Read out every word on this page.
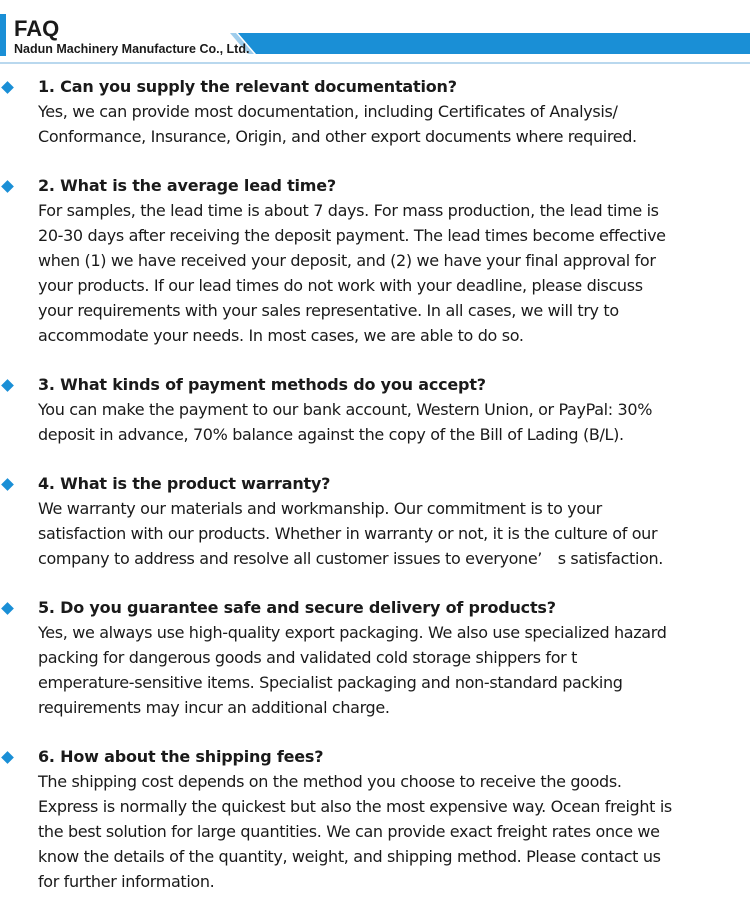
FAQ
Nadun Machinery Manufacture Co., Ltd.
1. Can you supply the relevant documentation?
Yes, we can provide most documentation, including Certificates of Analysis/
Conformance, Insurance, Origin, and other export documents where required.
2. What is the average lead time?
For samples, the lead time is about 7 days. For mass production, the lead time is
20-30 days after receiving the deposit payment. The lead times become effective
when (1) we have received your deposit, and (2) we have your final approval for
your products. If our lead times do not work with your deadline, please discuss
your requirements with your sales representative. In all cases, we will try to
accommodate your needs. In most cases, we are able to do so.
3. What kinds of payment methods do you accept?
You can make the payment to our bank account, Western Union, or PayPal: 30%
deposit in advance, 70% balance against the copy of the Bill of Lading (B/L).
4. What is the product warranty?
We warranty our materials and workmanship. Our commitment is to your
satisfaction with our products. Whether in warranty or not, it is the culture of our
company to address and resolve all customer issues to everyone’　s satisfaction.
5. Do you guarantee safe and secure delivery of products?
Yes, we always use high-quality export packaging. We also use specialized hazard
packing for dangerous goods and validated cold storage shippers for t
emperature-sensitive items. Specialist packaging and non-standard packing
requirements may incur an additional charge.
6. How about the shipping fees?
The shipping cost depends on the method you choose to receive the goods.
Express is normally the quickest but also the most expensive way. Ocean freight is
the best solution for large quantities. We can provide exact freight rates once we
know the details of the quantity, weight, and shipping method. Please contact us
for further information.
